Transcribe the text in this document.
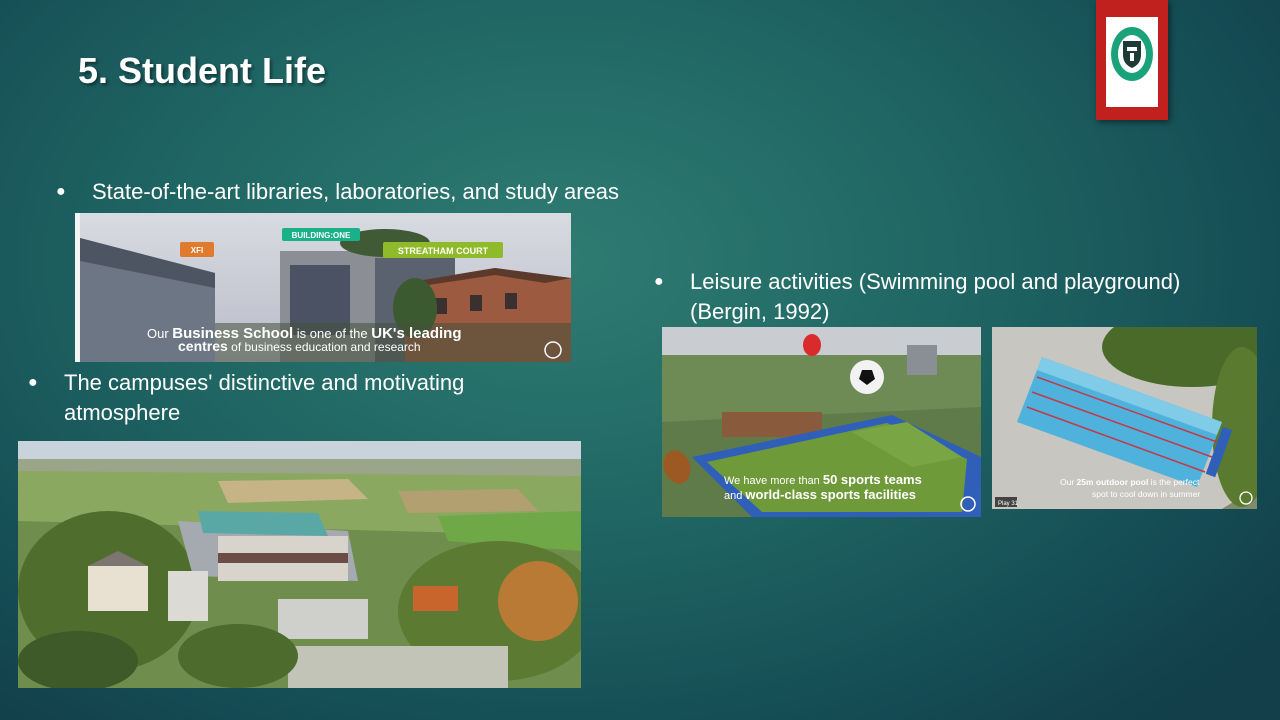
5. Student Life
● State-of-the-art libraries, laboratories, and study areas
XFI
BUILDING:ONE
STREATHAM COURT
Our Business School is one of the UK's leading
centres of business education and research
● The campuses' distinctive and motivating
atmosphere
● Leisure activities (Swimming pool and playground)
(Bergin, 1992)
We have more than 50 sports teams
and world-class sports facilities
Our 25m outdoor pool is the perfect
spot to cool down in summer
Play 31
